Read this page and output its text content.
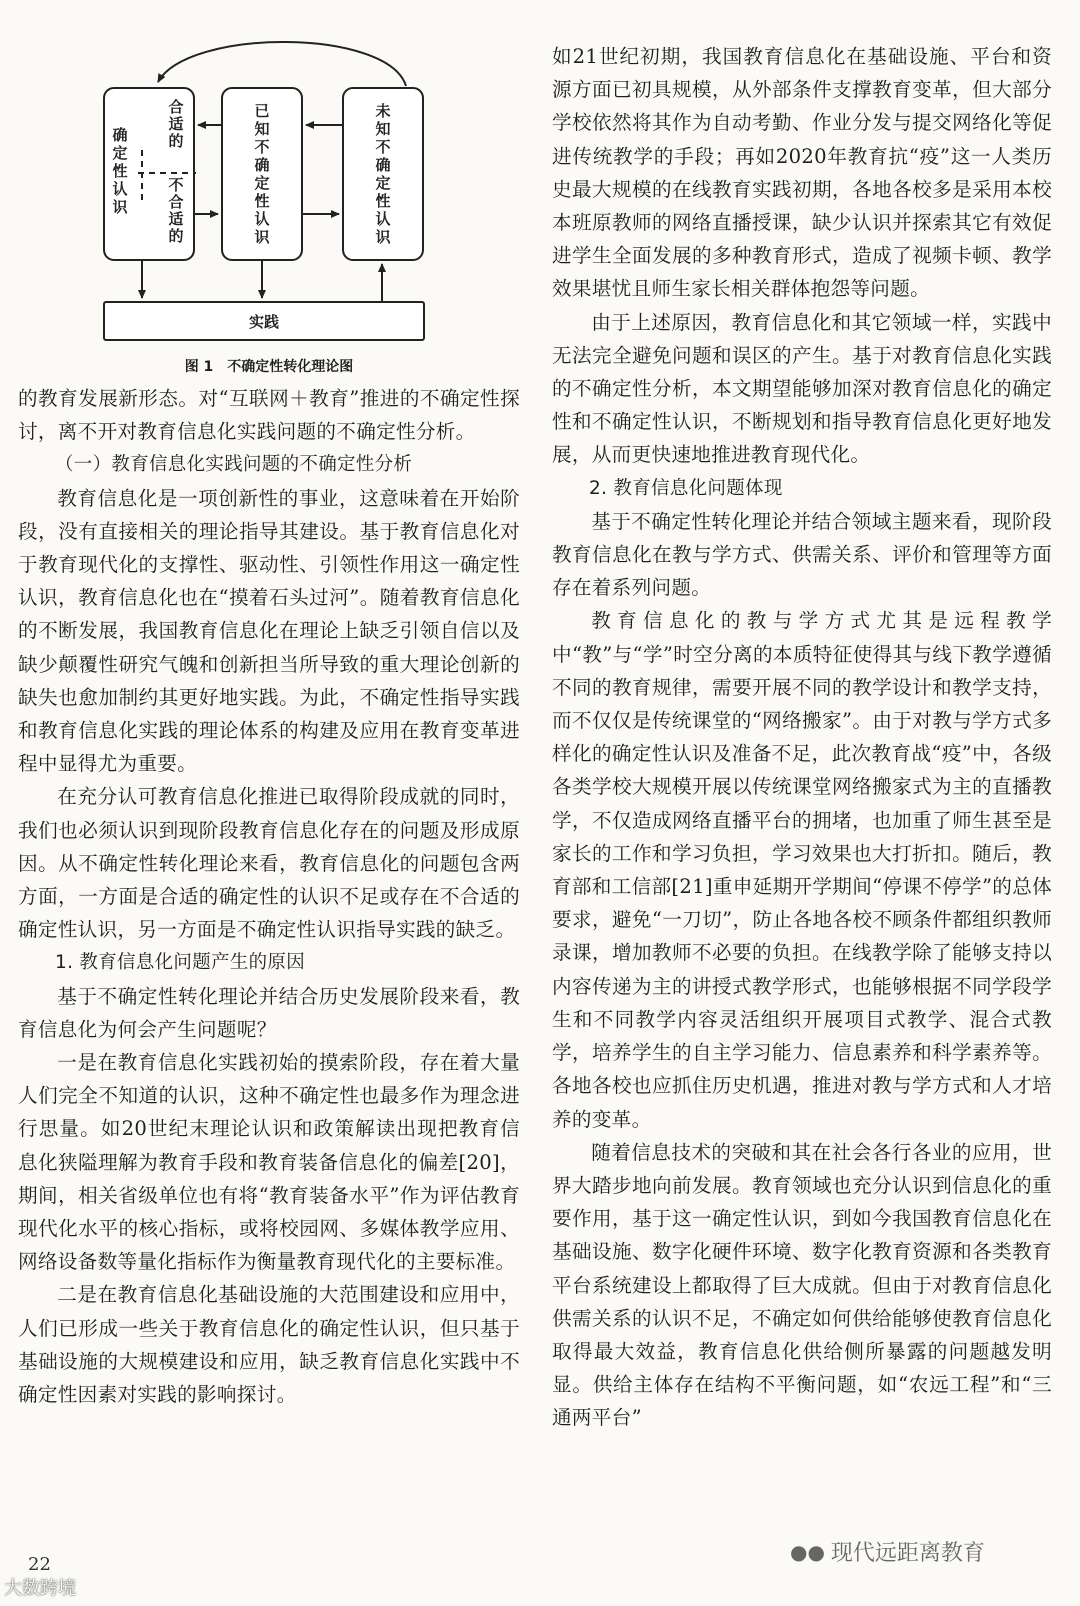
合
适
的
确
定
性
认
识
不
合
适
的
已
知
不
确
定
性
认
识
未
知
不
确
定
性
认
识
实践
图 1　不确定性转化理论图

的教育发展新形态。对“互联网＋教育”推进的不确定性探讨，离不开对教育信息化实践问题的不确定性分析。

（一）教育信息化实践问题的不确定性分析

教育信息化是一项创新性的事业，这意味着在开始阶段，没有直接相关的理论指导其建设。基于教育信息化对于教育现代化的支撑性、驱动性、引领性作用这一确定性认识，教育信息化也在“摸着石头过河”。随着教育信息化的不断发展，我国教育信息化在理论上缺乏引领自信以及缺少颠覆性研究气魄和创新担当所导致的重大理论创新的缺失也愈加制约其更好地实践。为此，不确定性指导实践和教育信息化实践的理论体系的构建及应用在教育变革进程中显得尤为重要。

在充分认可教育信息化推进已取得阶段成就的同时，我们也必须认识到现阶段教育信息化存在的问题及形成原因。从不确定性转化理论来看，教育信息化的问题包含两方面，一方面是合适的确定性的认识不足或存在不合适的确定性认识，另一方面是不确定性认识指导实践的缺乏。

1. 教育信息化问题产生的原因

基于不确定性转化理论并结合历史发展阶段来看，教育信息化为何会产生问题呢？

一是在教育信息化实践初始的摸索阶段，存在着大量人们完全不知道的认识，这种不确定性也最多作为理念进行思量。如20世纪末理论认识和政策解读出现把教育信息化狭隘理解为教育手段和教育装备信息化的偏差[20]，期间，相关省级单位也有将“教育装备水平”作为评估教育现代化水平的核心指标，或将校园网、多媒体教学应用、网络设备数等量化指标作为衡量教育现代化的主要标准。

二是在教育信息化基础设施的大范围建设和应用中，人们已形成一些关于教育信息化的确定性认识，但只基于基础设施的大规模建设和应用，缺乏教育信息化实践中不确定性因素对实践的影响探讨。

如21世纪初期，我国教育信息化在基础设施、平台和资源方面已初具规模，从外部条件支撑教育变革，但大部分学校依然将其作为自动考勤、作业分发与提交网络化等促进传统教学的手段；再如2020年教育抗“疫”这一人类历史最大规模的在线教育实践初期，各地各校多是采用本校本班原教师的网络直播授课，缺少认识并探索其它有效促进学生全面发展的多种教育形式，造成了视频卡顿、教学效果堪忧且师生家长相关群体抱怨等问题。

由于上述原因，教育信息化和其它领域一样，实践中无法完全避免问题和误区的产生。基于对教育信息化实践的不确定性分析，本文期望能够加深对教育信息化的确定性和不确定性认识，不断规划和指导教育信息化更好地发展，从而更快速地推进教育现代化。

2. 教育信息化问题体现

基于不确定性转化理论并结合领域主题来看，现阶段教育信息化在教与学方式、供需关系、评价和管理等方面存在着系列问题。

教育信息化的教与学方式尤其是远程教学中“教”与“学”时空分离的本质特征使得其与线下教学遵循不同的教育规律，需要开展不同的教学设计和教学支持，而不仅仅是传统课堂的“网络搬家”。由于对教与学方式多样化的确定性认识及准备不足，此次教育战“疫”中，各级各类学校大规模开展以传统课堂网络搬家式为主的直播教学，不仅造成网络直播平台的拥堵，也加重了师生甚至是家长的工作和学习负担，学习效果也大打折扣。随后，教育部和工信部[21]重申延期开学期间“停课不停学”的总体要求，避免“一刀切”，防止各地各校不顾条件都组织教师录课，增加教师不必要的负担。在线教学除了能够支持以内容传递为主的讲授式教学形式，也能够根据不同学段学生和不同教学内容灵活组织开展项目式教学、混合式教学，培养学生的自主学习能力、信息素养和科学素养等。各地各校也应抓住历史机遇，推进对教与学方式和人才培养的变革。

随着信息技术的突破和其在社会各行各业的应用，世界大踏步地向前发展。教育领域也充分认识到信息化的重要作用，基于这一确定性认识，到如今我国教育信息化在基础设施、数字化硬件环境、数字化教育资源和各类教育平台系统建设上都取得了巨大成就。但由于对教育信息化供需关系的认识不足，不确定如何供给能够使教育信息化取得最大效益，教育信息化供给侧所暴露的问题越发明显。供给主体存在结构不平衡问题，如“农远工程”和“三通两平台”

22
大数跨境
●● 现代远距离教育
